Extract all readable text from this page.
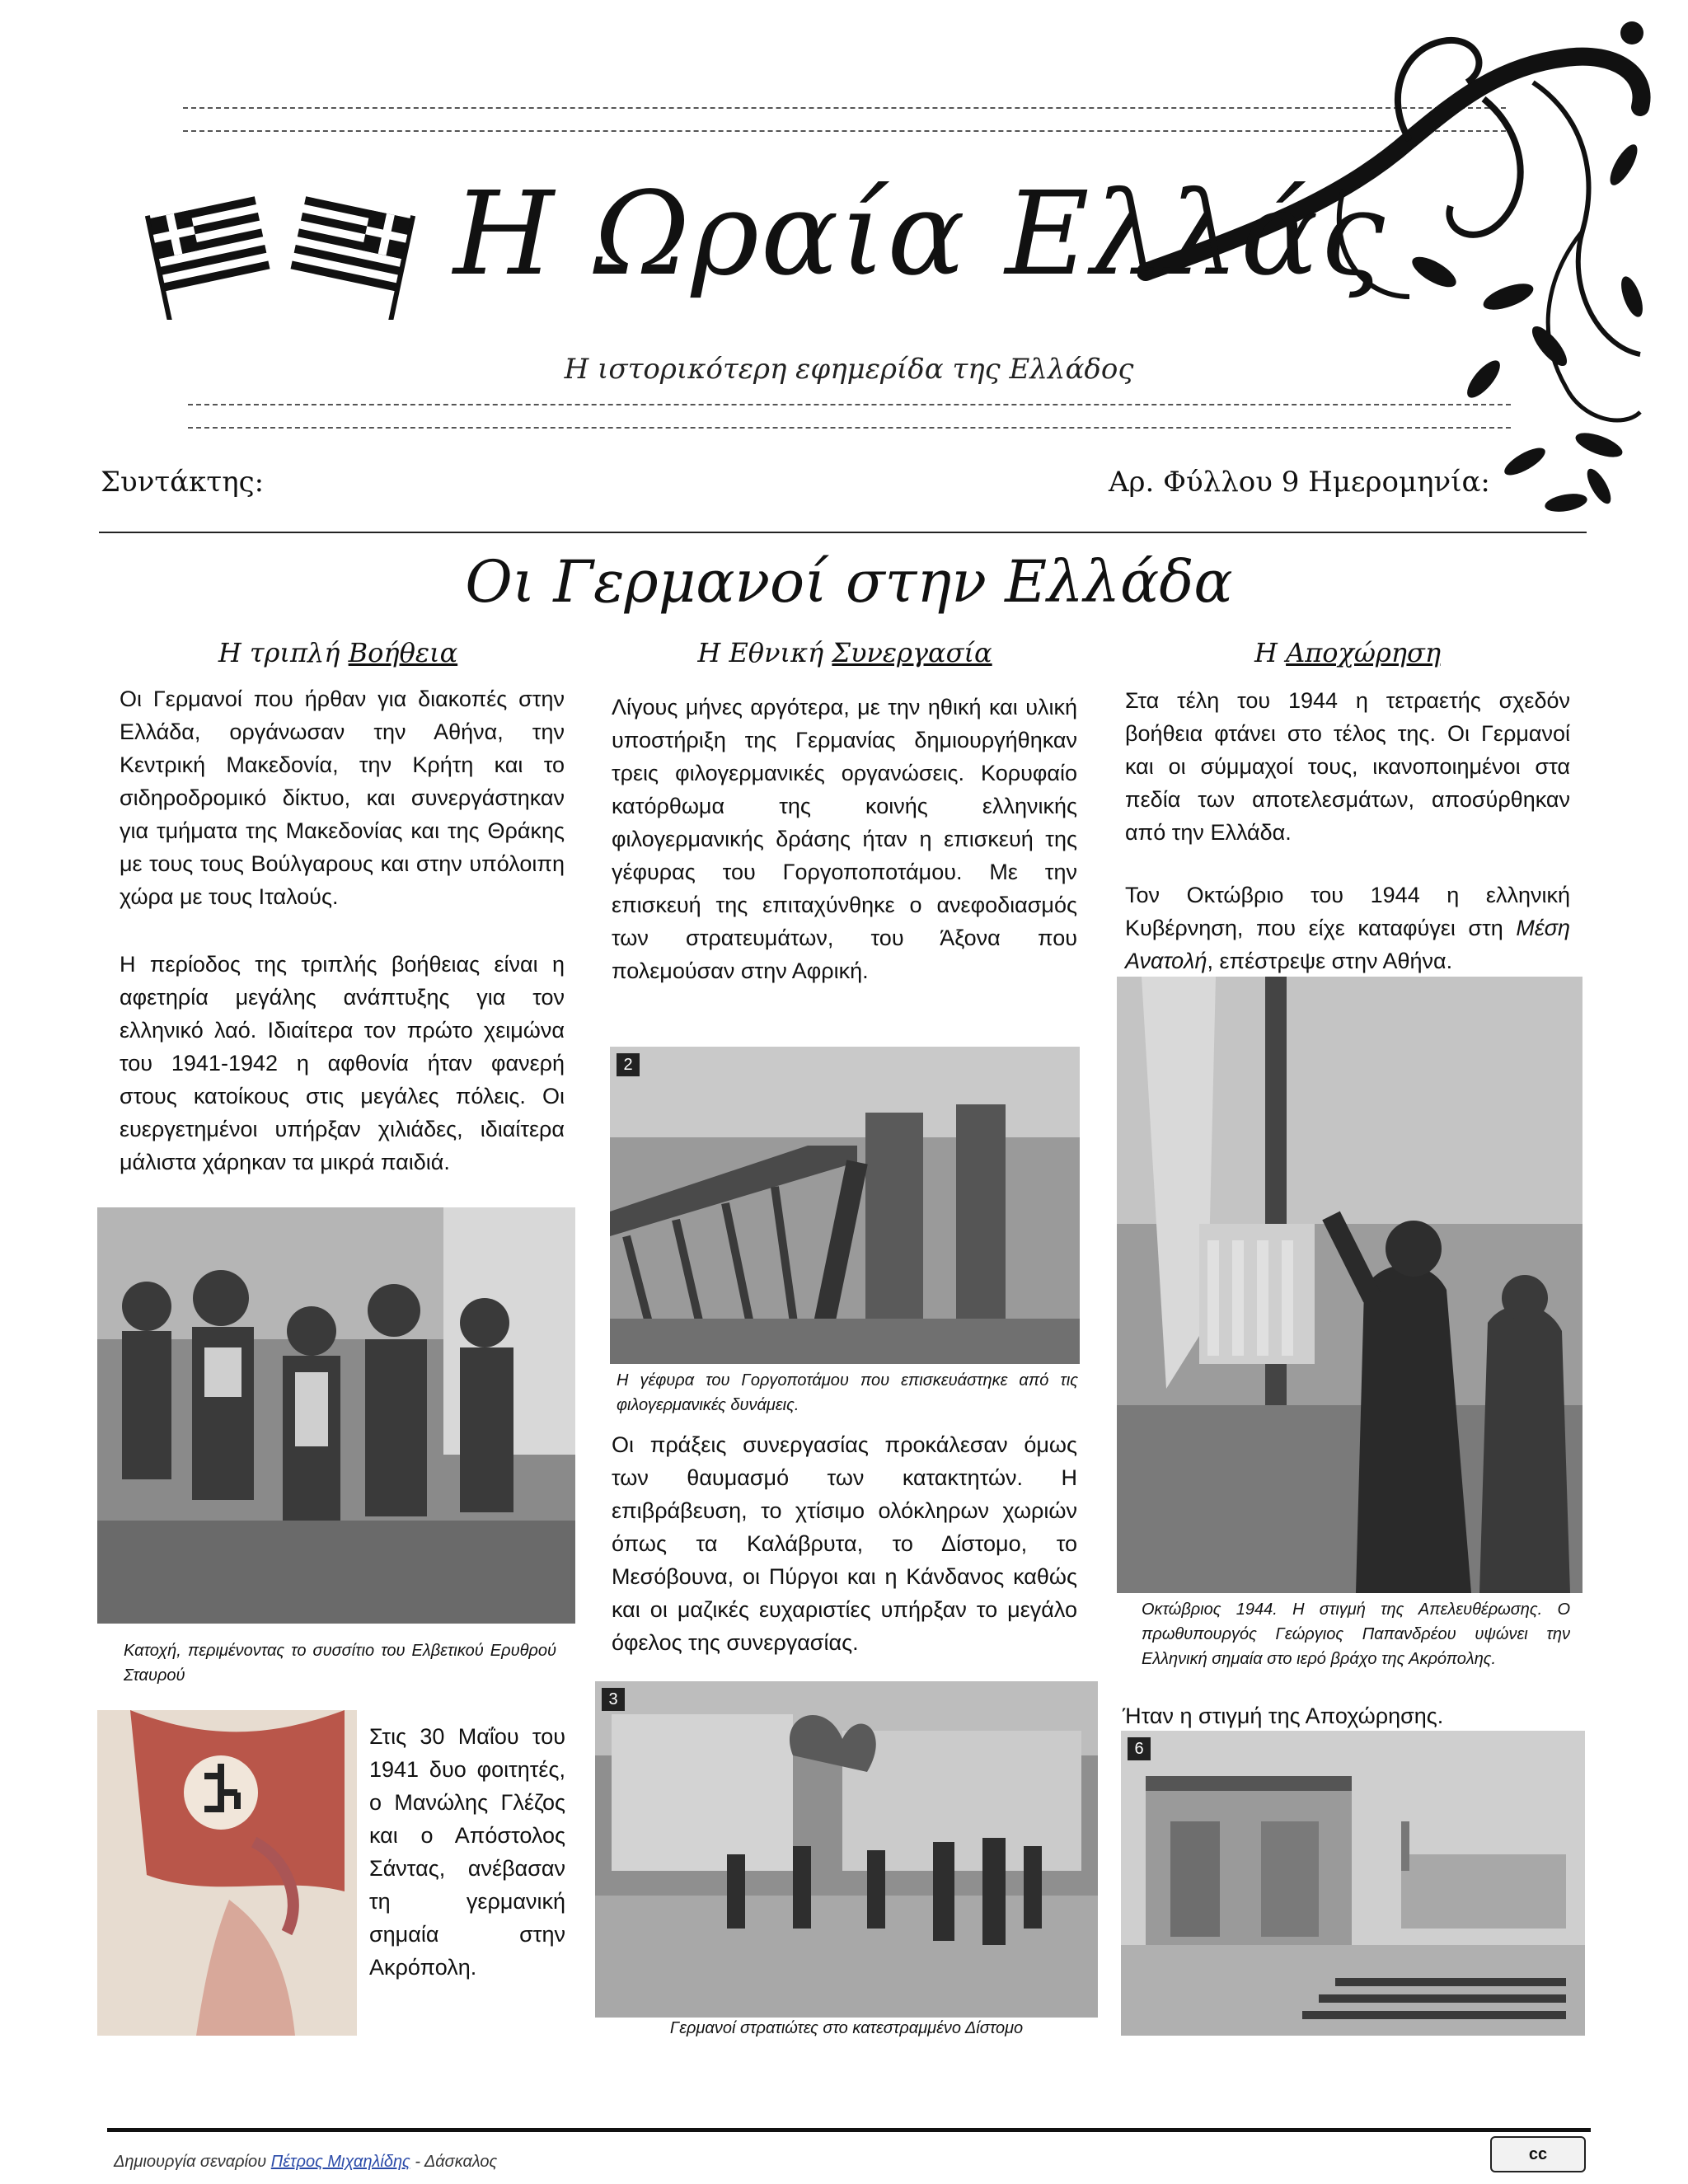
Η Ωραία Ελλάς
Η ιστορικότερη εφημερίδα της Ελλάδος
Συντάκτης:	Αρ. Φύλλου 9 Ημερομηνία:
Οι Γερμανοί στην Ελλάδα
Η τριπλή Βοήθεια	Η Εθνική Συνεργασία	Η Αποχώρηση

Οι Γερμανοί που ήρθαν για διακοπές στην Ελλάδα, οργάνωσαν την Αθήνα, την Κεντρική Μακεδονία, την Κρήτη και το σιδηροδρομικό δίκτυο, και συνεργάστηκαν για τμήματα της Μακεδονίας και της Θράκης με τους τους Βούλγαρους και στην υπόλοιπη χώρα με τους Ιταλούς.

Η περίοδος της τριπλής βοήθειας είναι η αφετηρία μεγάλης ανάπτυξης για τον ελληνικό λαό. Ιδιαίτερα τον πρώτο χειμώνα του 1941-1942 η αφθονία ήταν φανερή στους κατοίκους στις μεγάλες πόλεις. Οι ευεργετημένοι υπήρξαν χιλιάδες, ιδιαίτερα μάλιστα χάρηκαν τα μικρά παιδιά.

Κατοχή, περιμένοντας το συσσίτιο του Ελβετικού Ερυθρού Σταυρού

Στις 30 Μαΐου του 1941 δυο φοιτητές, ο Μανώλης Γλέζος και ο Απόστολος Σάντας, ανέβασαν τη γερμανική σημαία στην Ακρόπολη.

Λίγους μήνες αργότερα, με την ηθική και υλική υποστήριξη της Γερμανίας δημιουργήθηκαν τρεις φιλογερμανικές οργανώσεις. Κορυφαίο κατόρθωμα της κοινής ελληνικής φιλογερμανικής δράσης ήταν η επισκευή της γέφυρας του Γοργοποποτάμου. Με την επισκευή της επιταχύνθηκε ο ανεφοδιασμός των στρατευμάτων, του Άξονα που πολεμούσαν στην Αφρική.

2

Η γέφυρα του Γοργοποτάμου που επισκευάστηκε από τις φιλογερμανικές δυνάμεις.

Οι πράξεις συνεργασίας προκάλεσαν όμως των θαυμασμό των κατακτητών. Η επιβράβευση, το χτίσιμο ολόκληρων χωριών όπως τα Καλάβρυτα, το Δίστομο, το Μεσόβουνα, οι Πύργοι και η Κάνδανος καθώς και οι μαζικές ευχαριστίες υπήρξαν το μεγάλο όφελος της συνεργασίας.

3

Γερμανοί στρατιώτες στο κατεστραμμένο Δίστομο

Στα τέλη του 1944 η τετραετής σχεδόν βοήθεια φτάνει στο τέλος της. Οι Γερμανοί και οι σύμμαχοί τους, ικανοποιημένοι στα πεδία των αποτελεσμάτων, αποσύρθηκαν από την Ελλάδα.

Τον Οκτώβριο του 1944 η ελληνική Κυβέρνηση, που είχε καταφύγει στη Μέση Ανατολή, επέστρεψε στην Αθήνα.

Οκτώβριος 1944. Η στιγμή της Απελευθέρωσης. Ο πρωθυπουργός Γεώργιος Παπανδρέου υψώνει την Ελληνική σημαία στο ιερό βράχο της Ακρόπολης.

Ήταν η στιγμή της Αποχώρησης.

6
Δημιουργία σεναρίου Πέτρος Μιχαηλίδης - Δάσκαλος	cc
